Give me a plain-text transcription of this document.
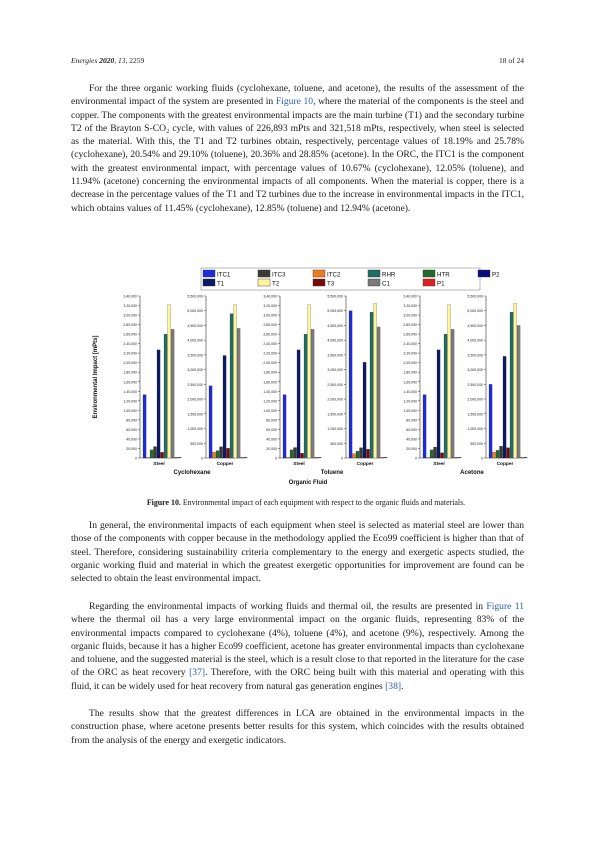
Energies 2020, 13, 2259	18 of 24

For the three organic working fluids (cyclohexane, toluene, and acetone), the results of the assessment of the environmental impact of the system are presented in Figure 10, where the material of the components is the steel and copper. The components with the greatest environmental impacts are the main turbine (T1) and the secondary turbine T2 of the Brayton S-CO₂ cycle, with values of 226,893 mPts and 321,518 mPts, respectively, when steel is selected as the material. With this, the T1 and T2 turbines obtain, respectively, percentage values of 18.19% and 25.78% (cyclohexane), 20.54% and 29.10% (toluene), 20.36% and 28.85% (acetone). In the ORC, the ITC1 is the component with the greatest environmental impact, with percentage values of 10.67% (cyclohexane), 12.05% (toluene), and 11.94% (acetone) concerning the environmental impacts of all components. When the material is copper, there is a decrease in the percentage values of the T1 and T2 turbines due to the increase in environmental impacts in the ITC1, which obtains values of 11.45% (cyclohexane), 12.85% (toluene) and 12.94% (acetone).

ITC1
T1
ITC3
T2
ITC2
T3
RHR
C1
HTR
P1
P2
3,40,000
3,20,000
3,00,000
2,80,000
2,60,000
2,40,000
2,20,000
2,00,000
1,80,000
1,60,000
1,40,000
1,20,000
1,00,000
80,000
60,000
40,000
20,000
0
Steel
5,500,000
5,000,000
4,500,000
4,000,000
3,500,000
3,000,000
2,500,000
2,000,000
1,500,000
1,000,000
500,000
0
Copper
3,40,000
3,20,000
3,00,000
2,80,000
2,60,000
2,40,000
2,20,000
2,00,000
1,80,000
1,60,000
1,40,000
1,20,000
1,00,000
80,000
60,000
40,000
20,000
0
Steel
5,500,000
5,000,000
4,500,000
4,000,000
3,500,000
3,000,000
2,500,000
2,000,000
1,500,000
1,000,000
500,000
0
Copper
3,40,000
3,20,000
3,00,000
2,80,000
2,60,000
2,40,000
2,20,000
2,00,000
1,80,000
1,60,000
1,40,000
1,20,000
1,00,000
80,000
60,000
40,000
20,000
0
Steel
5,500,000
5,000,000
4,500,000
4,000,000
3,500,000
3,000,000
2,500,000
2,000,000
1,500,000
1,000,000
500,000
0
Copper
Cyclohexane	Toluene	Acetone
Organic Fluid
Environmental Impact [mPts]
Figure 10. Environmental impact of each equipment with respect to the organic fluids and materials.

In general, the environmental impacts of each equipment when steel is selected as material steel are lower than those of the components with copper because in the methodology applied the Eco99 coefficient is higher than that of steel. Therefore, considering sustainability criteria complementary to the energy and exergetic aspects studied, the organic working fluid and material in which the greatest exergetic opportunities for improvement are found can be selected to obtain the least environmental impact.

Regarding the environmental impacts of working fluids and thermal oil, the results are presented in Figure 11 where the thermal oil has a very large environmental impact on the organic fluids, representing 83% of the environmental impacts compared to cyclohexane (4%), toluene (4%), and acetone (9%), respectively. Among the organic fluids, because it has a higher Eco99 coefficient, acetone has greater environmental impacts than cyclohexane and toluene, and the suggested material is the steel, which is a result close to that reported in the literature for the case of the ORC as heat recovery [37]. Therefore, with the ORC being built with this material and operating with this fluid, it can be widely used for heat recovery from natural gas generation engines [38].

The results show that the greatest differences in LCA are obtained in the environmental impacts in the construction phase, where acetone presents better results for this system, which coincides with the results obtained from the analysis of the energy and exergetic indicators.
